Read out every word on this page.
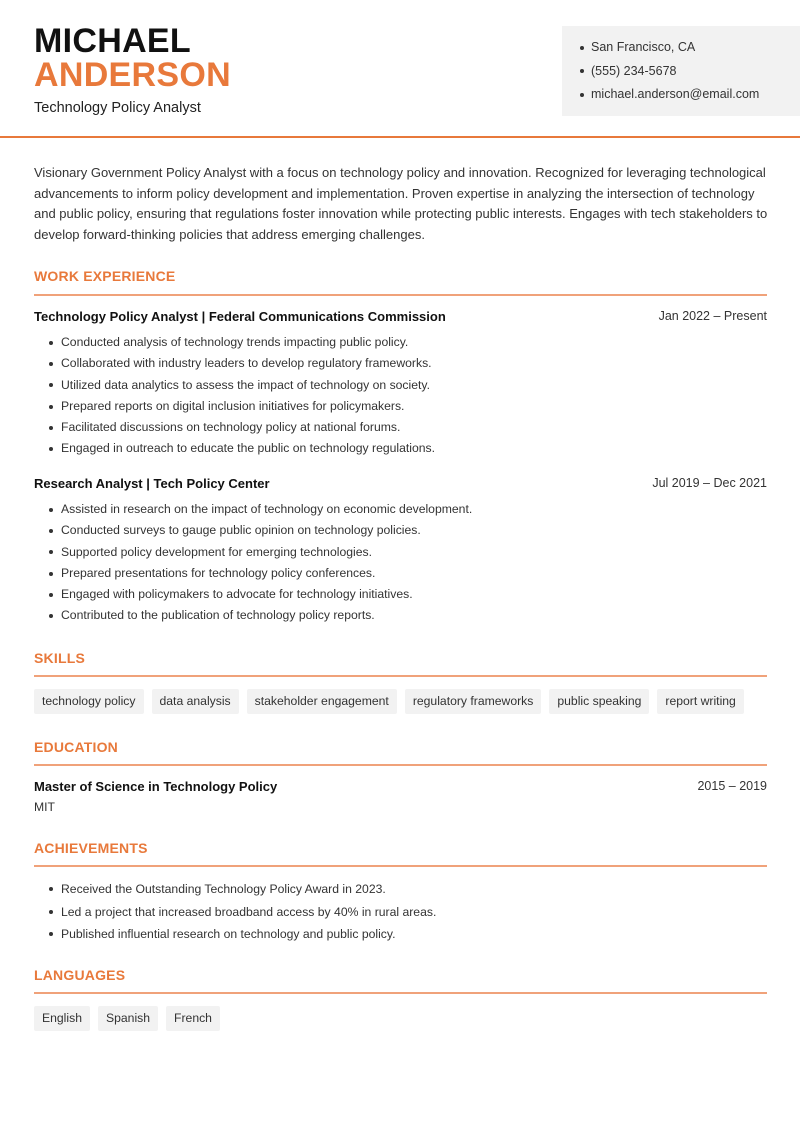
MICHAEL
ANDERSON
Technology Policy Analyst
San Francisco, CA
(555) 234-5678
michael.anderson@email.com

Visionary Government Policy Analyst with a focus on technology policy and innovation. Recognized for leveraging technological advancements to inform policy development and implementation. Proven expertise in analyzing the intersection of technology and public policy, ensuring that regulations foster innovation while protecting public interests. Engages with tech stakeholders to develop forward-thinking policies that address emerging challenges.

WORK EXPERIENCE
Technology Policy Analyst | Federal Communications Commission	Jan 2022 – Present
Conducted analysis of technology trends impacting public policy.
Collaborated with industry leaders to develop regulatory frameworks.
Utilized data analytics to assess the impact of technology on society.
Prepared reports on digital inclusion initiatives for policymakers.
Facilitated discussions on technology policy at national forums.
Engaged in outreach to educate the public on technology regulations.
Research Analyst | Tech Policy Center	Jul 2019 – Dec 2021
Assisted in research on the impact of technology on economic development.
Conducted surveys to gauge public opinion on technology policies.
Supported policy development for emerging technologies.
Prepared presentations for technology policy conferences.
Engaged with policymakers to advocate for technology initiatives.
Contributed to the publication of technology policy reports.
SKILLS
technology policy	data analysis	stakeholder engagement	regulatory frameworks	public speaking	report writing
EDUCATION
Master of Science in Technology Policy	2015 – 2019
MIT
ACHIEVEMENTS
Received the Outstanding Technology Policy Award in 2023.
Led a project that increased broadband access by 40% in rural areas.
Published influential research on technology and public policy.
LANGUAGES
English	Spanish	French
